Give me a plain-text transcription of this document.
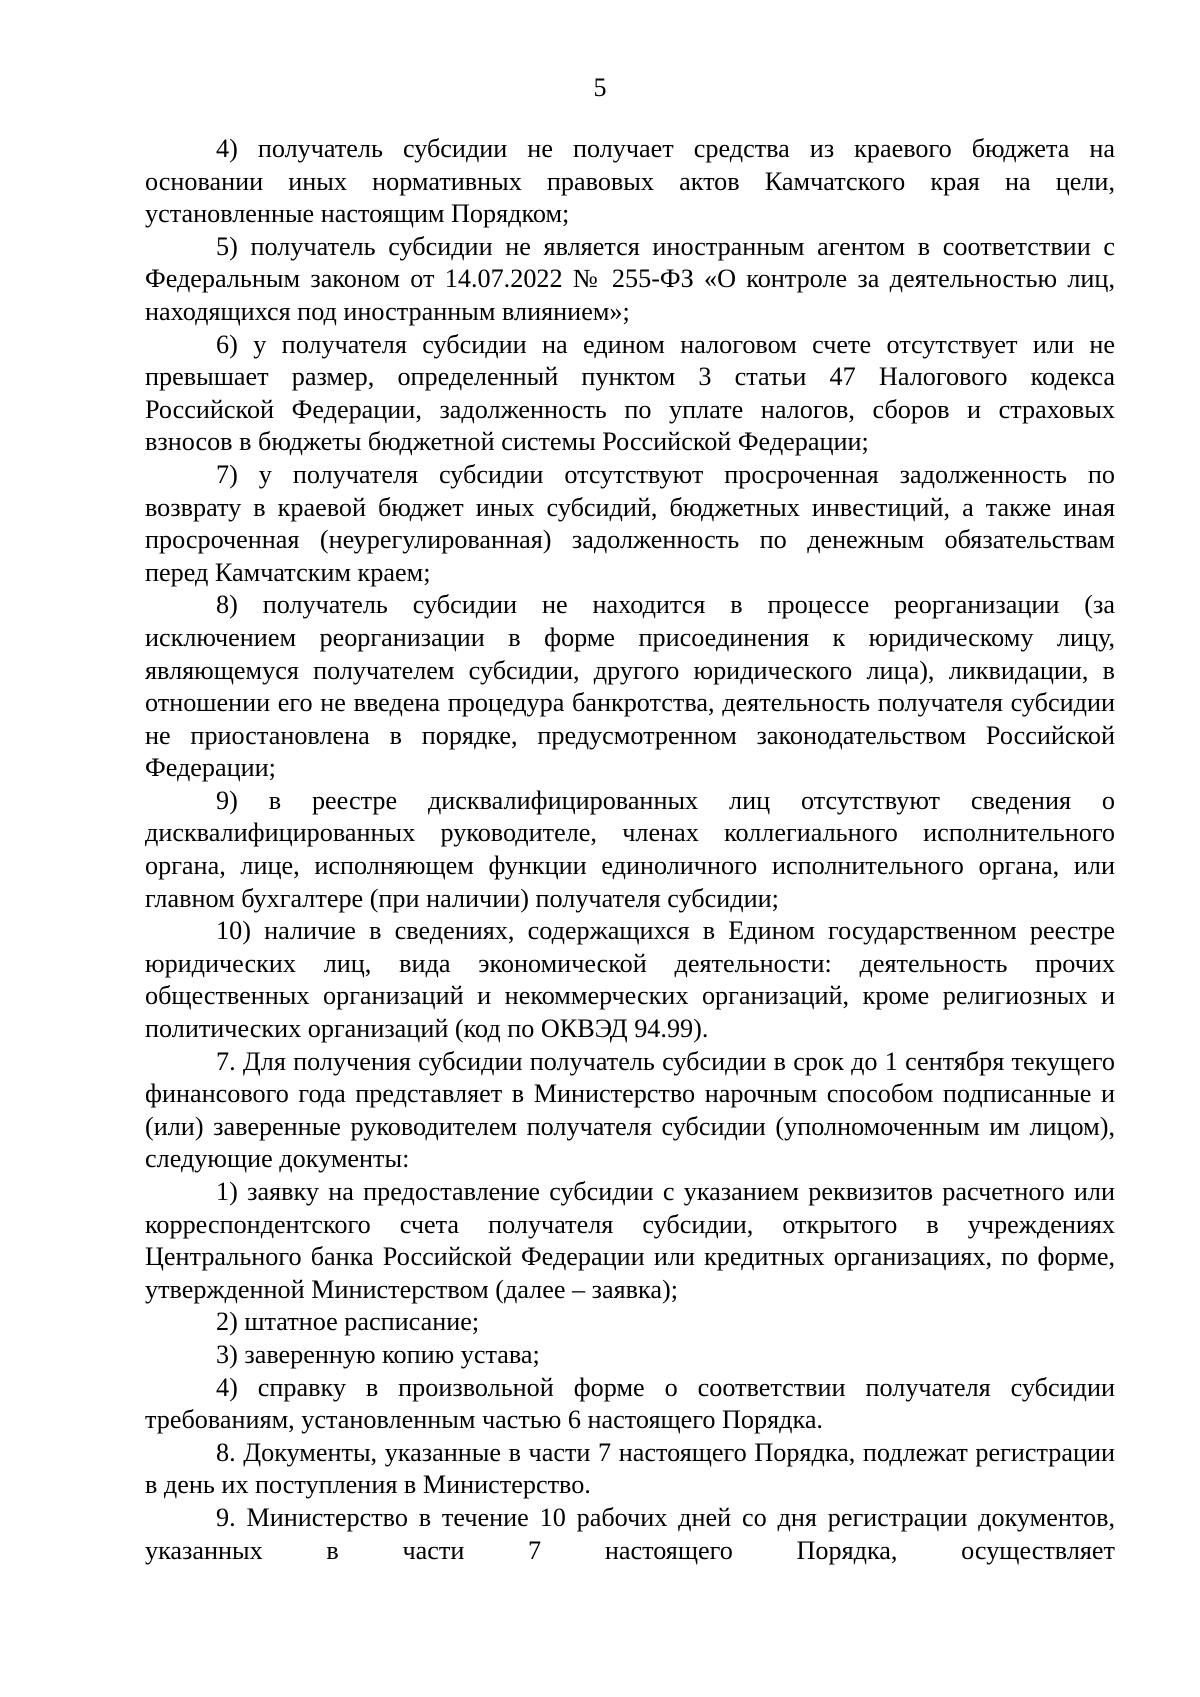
5

4) получатель субсидии не получает средства из краевого бюджета на основании иных нормативных правовых актов Камчатского края на цели, установленные настоящим Порядком;

5) получатель субсидии не является иностранным агентом в соответствии с Федеральным законом от 14.07.2022 № 255-ФЗ «О контроле за деятельностью лиц, находящихся под иностранным влиянием»;

6) у получателя субсидии на едином налоговом счете отсутствует или не превышает размер, определенный пунктом 3 статьи 47 Налогового кодекса Российской Федерации, задолженность по уплате налогов, сборов и страховых взносов в бюджеты бюджетной системы Российской Федерации;

7) у получателя субсидии отсутствуют просроченная задолженность по возврату в краевой бюджет иных субсидий, бюджетных инвестиций, а также иная просроченная (неурегулированная) задолженность по денежным обязательствам перед Камчатским краем;

8) получатель субсидии не находится в процессе реорганизации (за исключением реорганизации в форме присоединения к юридическому лицу, являющемуся получателем субсидии, другого юридического лица), ликвидации, в отношении его не введена процедура банкротства, деятельность получателя субсидии не приостановлена в порядке, предусмотренном законодательством Российской Федерации;

9) в реестре дисквалифицированных лиц отсутствуют сведения о дисквалифицированных руководителе, членах коллегиального исполнительного органа, лице, исполняющем функции единоличного исполнительного органа, или главном бухгалтере (при наличии) получателя субсидии;

10) наличие в сведениях, содержащихся в Едином государственном реестре юридических лиц, вида экономической деятельности: деятельность прочих общественных организаций и некоммерческих организаций, кроме религиозных и политических организаций (код по ОКВЭД 94.99).

7. Для получения субсидии получатель субсидии в срок до 1 сентября текущего финансового года представляет в Министерство нарочным способом подписанные и (или) заверенные руководителем получателя субсидии (уполномоченным им лицом), следующие документы:

1) заявку на предоставление субсидии с указанием реквизитов расчетного или корреспондентского счета получателя субсидии, открытого в учреждениях Центрального банка Российской Федерации или кредитных организациях, по форме, утвержденной Министерством (далее – заявка);

2) штатное расписание;

3) заверенную копию устава;

4) справку в произвольной форме о соответствии получателя субсидии требованиям, установленным частью 6 настоящего Порядка.

8. Документы, указанные в части 7 настоящего Порядка, подлежат регистрации в день их поступления в Министерство.

9. Министерство в течение 10 рабочих дней со дня регистрации документов, указанных в части 7 настоящего Порядка, осуществляет
